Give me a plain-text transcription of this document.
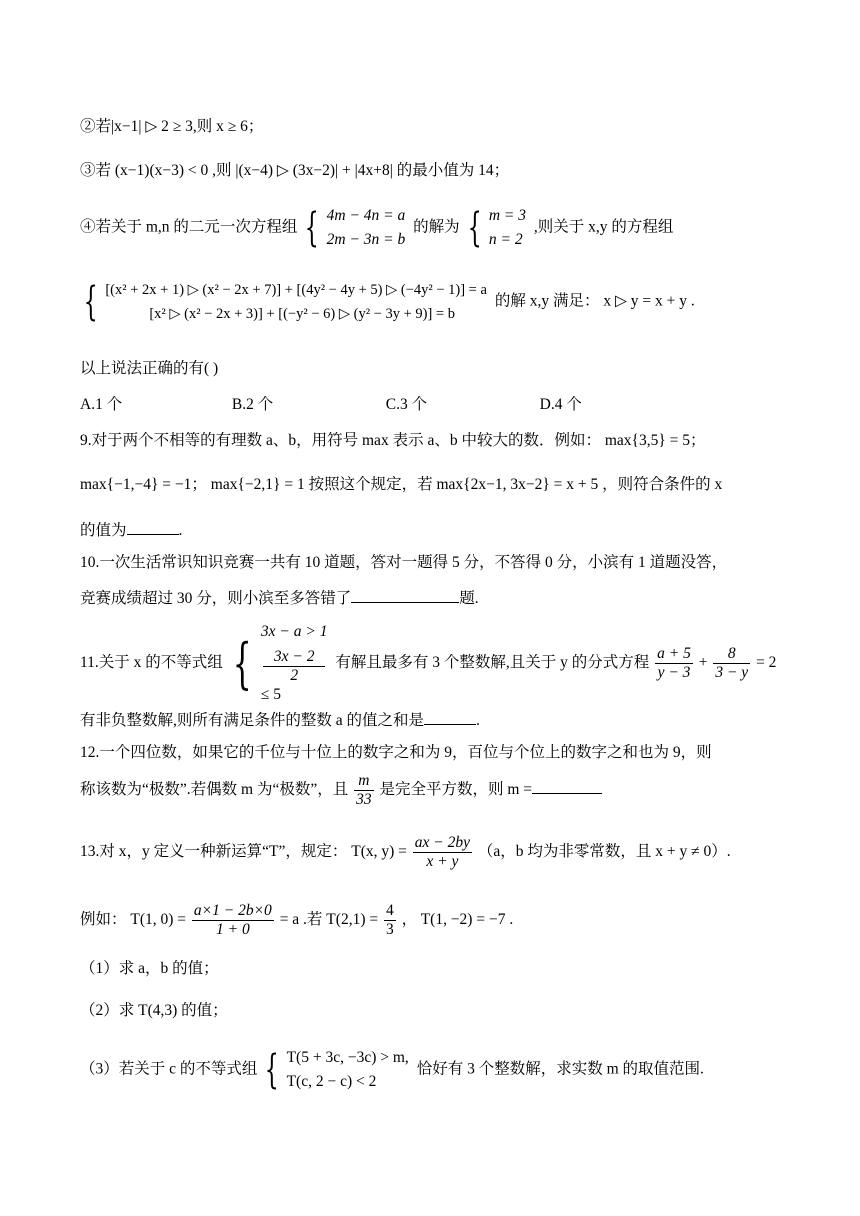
②若|x−1| ▷ 2 ≥ 3,则 x ≥ 6；
③若 (x−1)(x−3) < 0 ,则 |(x−4) ▷ (3x−2)| + |4x+8| 的最小值为 14；
④若关于 m,n 的二元一次方程组 { 4m − 4n = a
2m − 3n = b
的解为 { m = 3
n = 2
,则关于 x,y 的方程组
{ [(x² + 2x + 1) ▷ (x² − 2x + 7)] + [(4y² − 4y + 5) ▷ (−4y² − 1)] = a
[x² ▷ (x² − 2x + 3)] + [(−y² − 6) ▷ (y² − 3y + 9)] = b
的解 x,y 满足： x ▷ y = x + y .
以上说法正确的有( )
A.1 个	B.2 个	C.3 个	D.4 个
9.对于两个不相等的有理数 a、b，用符号 max 表示 a、b 中较大的数．例如： max{3,5} = 5；
max{−1,−4} = −1； max{−2,1} = 1 按照这个规定，若 max{2x−1, 3x−2} = x + 5 ，则符合条件的 x
的值为	.
10.一次生活常识知识竞赛一共有 10 道题，答对一题得 5 分，不答得 0 分，小滨有 1 道题没答，
竞赛成绩超过 30 分，则小滨至多答错了	题.
11.关于 x 的不等式组 { 3x − a > 1
3x − 2
2
≤ 5
有解且最多有 3 个整数解,且关于 y 的分式方程 $\frac{a + 5}{y - 3} + \frac{8}{3 - y} = 2$
有非负整数解,则所有满足条件的整数 a 的值之和是	.
12.一个四位数，如果它的千位与十位上的数字之和为 9，百位与个位上的数字之和也为 9，则
称该数为“极数”.若偶数 m 为“极数”，且 $\frac{m}{33}$ 是完全平方数，则 m =
13.对 x，y 定义一种新运算“T”，规定： T(x, $y) = \frac{ax - 2by}{x + y} (a$，b 均为非零常数，且 x + y ≠ 0）.
例如： T(1, $0) = \frac{a\times 1 - 2b\times 0}{1 + 0} = a$ .若 $T(2,1) = \frac{4}{3}$ ， T(1, −2) = −7 .
（1）求 a，b 的值；
（2）求 T(4,3) 的值；
（3）若关于 c 的不等式组 { T(5 + 3c, −3c) > m,
T(c, 2 − c) < 2
恰好有 3 个整数解，求实数 m 的取值范围.
